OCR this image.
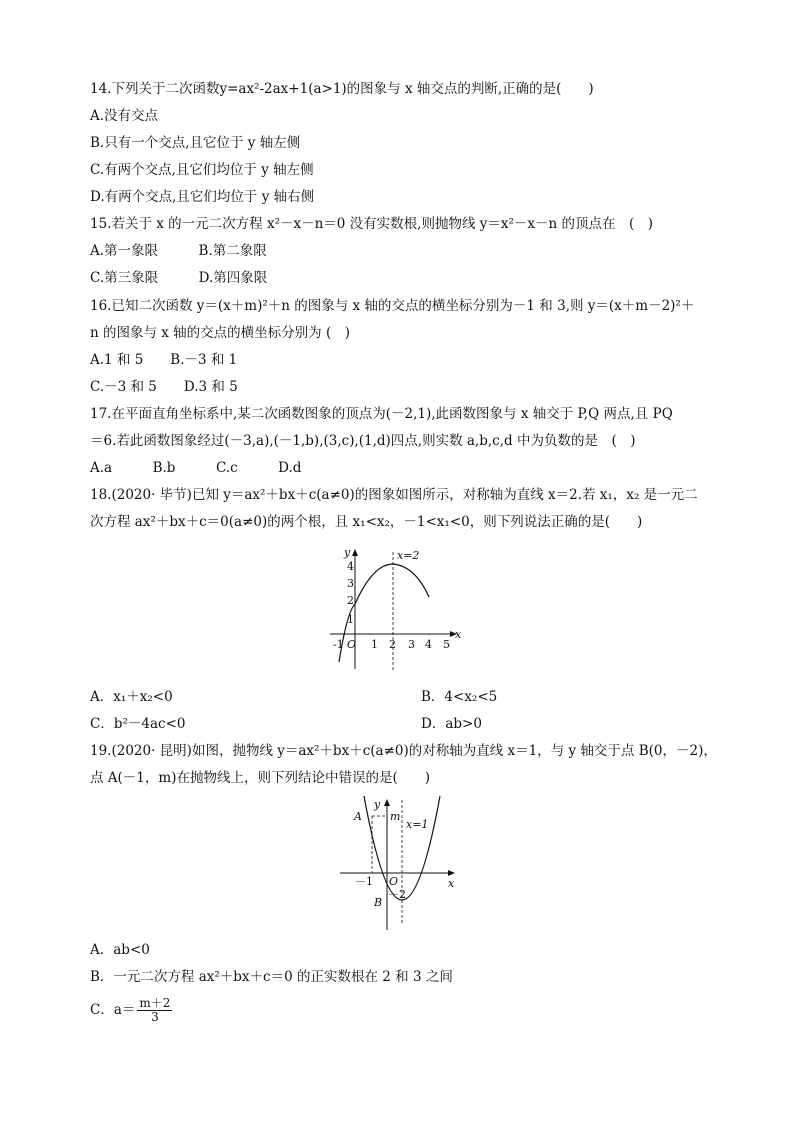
14.下列关于二次函数y=ax²-2ax+1(a>1)的图象与 x 轴交点的判断,正确的是(　　)
A.没有交点
B.只有一个交点,且它位于 y 轴左侧
C.有两个交点,且它们均位于 y 轴左侧
D.有两个交点,且它们均位于 y 轴右侧
15.若关于 x 的一元二次方程 x²－x－n＝0 没有实数根,则抛物线 y＝x²－x－n 的顶点在　(　)
A.第一象限　　　B.第二象限
C.第三象限　　　D.第四象限
16.已知二次函数 y＝(x＋m)²＋n 的图象与 x 轴的交点的横坐标分别为－1 和 3,则 y＝(x＋m－2)²＋
n 的图象与 x 轴的交点的横坐标分别为 (　)
A.1 和 5　　B.－3 和 1
C.－3 和 5　　D.3 和 5
17.在平面直角坐标系中,某二次函数图象的顶点为(－2,1),此函数图象与 x 轴交于 P,Q 两点,且 PQ
＝6.若此函数图象经过(－3,a),(－1,b),(3,c),(1,d)四点,则实数 a,b,c,d 中为负数的是　(　)
A.a　　　B.b　　　C.c　　　D.d
18.(2020· 毕节)已知 y＝ax²＋bx＋c(a≠0)的图象如图所示，对称轴为直线 x＝2.若 x₁，x₂ 是一元二
次方程 ax²＋bx＋c＝0(a≠0)的两个根，且 x₁<x₂，－1<x₁<0，则下列说法正确的是(　　)
y
x
x=2
O
-1 1 2 3 4 5
1
2
3
4
A．x₁＋x₂<0	B．4<x₂<5
C．b²－4ac<0	D．ab>0
19.(2020· 昆明)如图，抛物线 y＝ax²＋bx＋c(a≠0)的对称轴为直线 x＝1，与 y 轴交于点 B(0，－2)，
点 A(－1，m)在抛物线上，则下列结论中错误的是(　　)
y
x
x=1
O
A
B
m
－1
－2
A．ab<0
B．一元二次方程 ax²＋bx＋c＝0 的正实数根在 2 和 3 之间
C．$a= \frac{m+2}{3}$
